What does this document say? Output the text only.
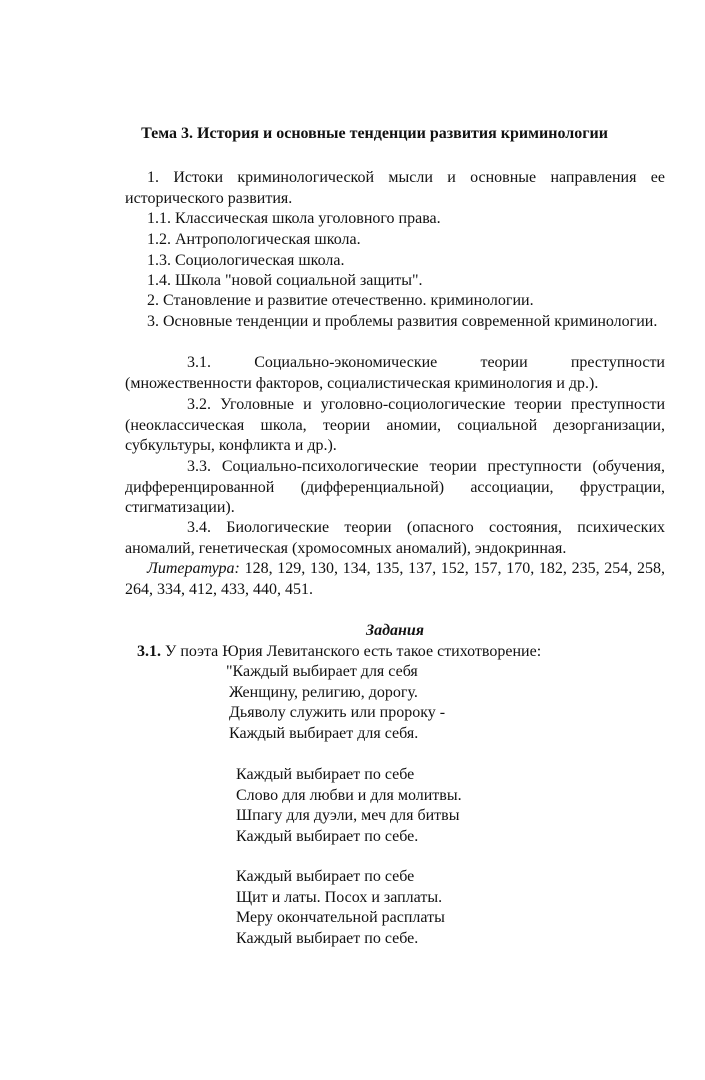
Тема 3. История и основные тенденции развития криминологии
1. Истоки криминологической мысли и основные направления ее исторического развития.
1.1. Классическая школа уголовного права.
1.2. Антропологическая школа.
1.3. Социологическая школа.
1.4. Школа "новой социальной защиты".
2. Становление и развитие отечественно. криминологии.
3. Основные тенденции и проблемы развития современной криминологии.
3.1. Социально-экономические теории преступности (множественности факторов, социалистическая криминология и др.).
3.2. Уголовные и уголовно-социологические теории преступности (неоклассическая школа, теории аномии, социальной дезорганизации, субкультуры, конфликта и др.).
3.3. Социально-психологические теории преступности (обучения, дифференцированной (дифференциальной) ассоциации, фрустрации, стигматизации).
3.4. Биологические теории (опасного состояния, психических аномалий, генетическая (хромосомных аномалий), эндокринная.
Литература: 128, 129, 130, 134, 135, 137, 152, 157, 170, 182, 235, 254, 258, 264, 334, 412, 433, 440, 451.
Задания
3.1. У поэта Юрия Левитанского есть такое стихотворение:
"Каждый выбирает для себя
Женщину, религию, дорогу.
Дьяволу служить или пророку -
Каждый выбирает для себя.
Каждый выбирает по себе
Слово для любви и для молитвы.
Шпагу для дуэли, меч для битвы
Каждый выбирает по себе.
Каждый выбирает по себе
Щит и латы. Посох и заплаты.
Меру окончательной расплаты
Каждый выбирает по себе.
